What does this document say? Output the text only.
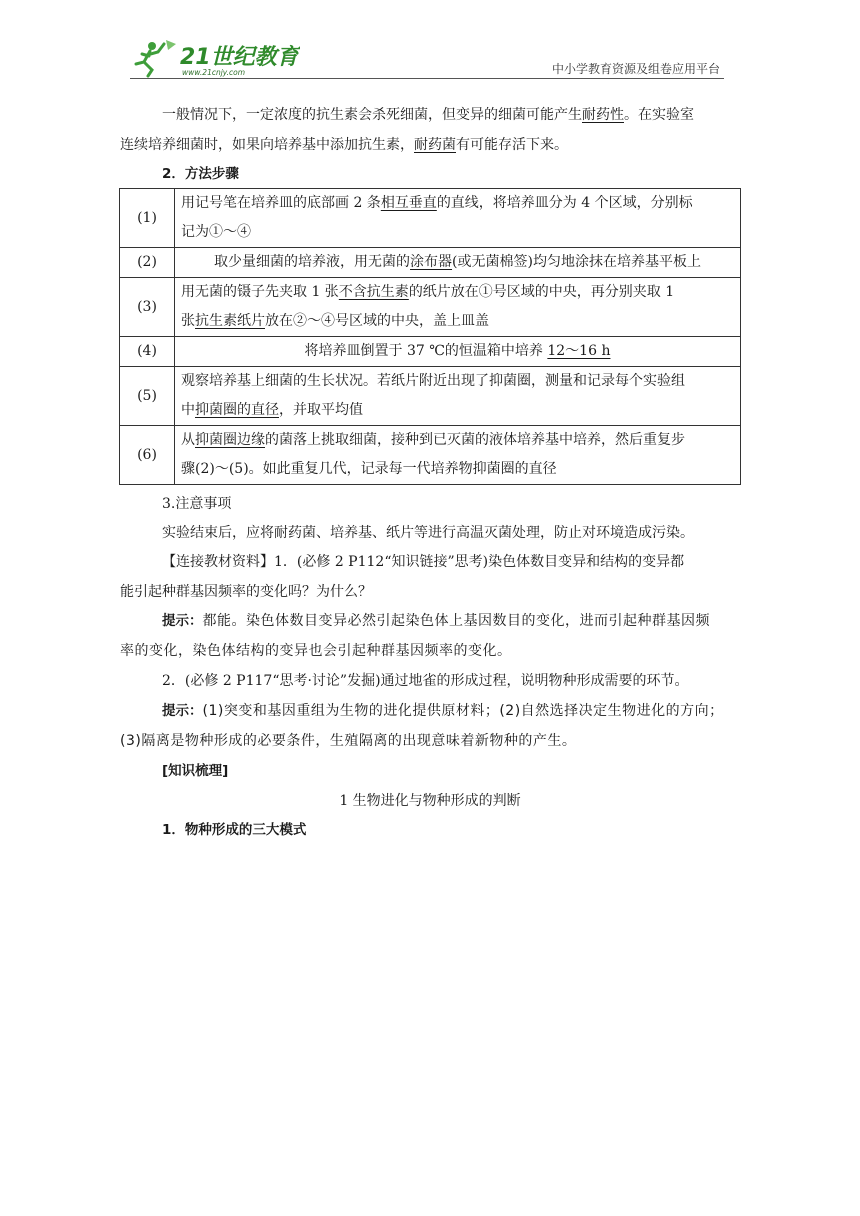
21世纪教育
www.21cnjy.com	中小学教育资源及组卷应用平台
一般情况下，一定浓度的抗生素会杀死细菌，但变异的细菌可能产生耐药性。在实验室
连续培养细菌时，如果向培养基中添加抗生素，耐药菌有可能存活下来。
2．方法步骤
(1)	用记号笔在培养皿的底部画 2 条相互垂直的直线，将培养皿分为 4 个区域，分别标
记为①～④
(2)	取少量细菌的培养液，用无菌的涂布器(或无菌棉签)均匀地涂抹在培养基平板上
(3)	用无菌的镊子先夹取 1 张不含抗生素的纸片放在①号区域的中央，再分别夹取 1
张抗生素纸片放在②～④号区域的中央，盖上皿盖
(4)	将培养皿倒置于 37 ℃的恒温箱中培养 12～16 h
(5)	观察培养基上细菌的生长状况。若纸片附近出现了抑菌圈，测量和记录每个实验组
中抑菌圈的直径，并取平均值
(6)	从抑菌圈边缘的菌落上挑取细菌，接种到已灭菌的液体培养基中培养，然后重复步
骤(2)～(5)。如此重复几代，记录每一代培养物抑菌圈的直径
3.注意事项
实验结束后，应将耐药菌、培养基、纸片等进行高温灭菌处理，防止对环境造成污染。
【连接教材资料】1．(必修 2 P112“知识链接”思考)染色体数目变异和结构的变异都
能引起种群基因频率的变化吗？为什么？
提示：都能。染色体数目变异必然引起染色体上基因数目的变化，进而引起种群基因频
率的变化，染色体结构的变异也会引起种群基因频率的变化。
2．(必修 2 P117“思考·讨论”发掘)通过地雀的形成过程，说明物种形成需要的环节。
提示：(1)突变和基因重组为生物的进化提供原材料；(2)自然选择决定生物进化的方向；
(3)隔离是物种形成的必要条件，生殖隔离的出现意味着新物种的产生。
[知识梳理]
1 生物进化与物种形成的判断
1．物种形成的三大模式
